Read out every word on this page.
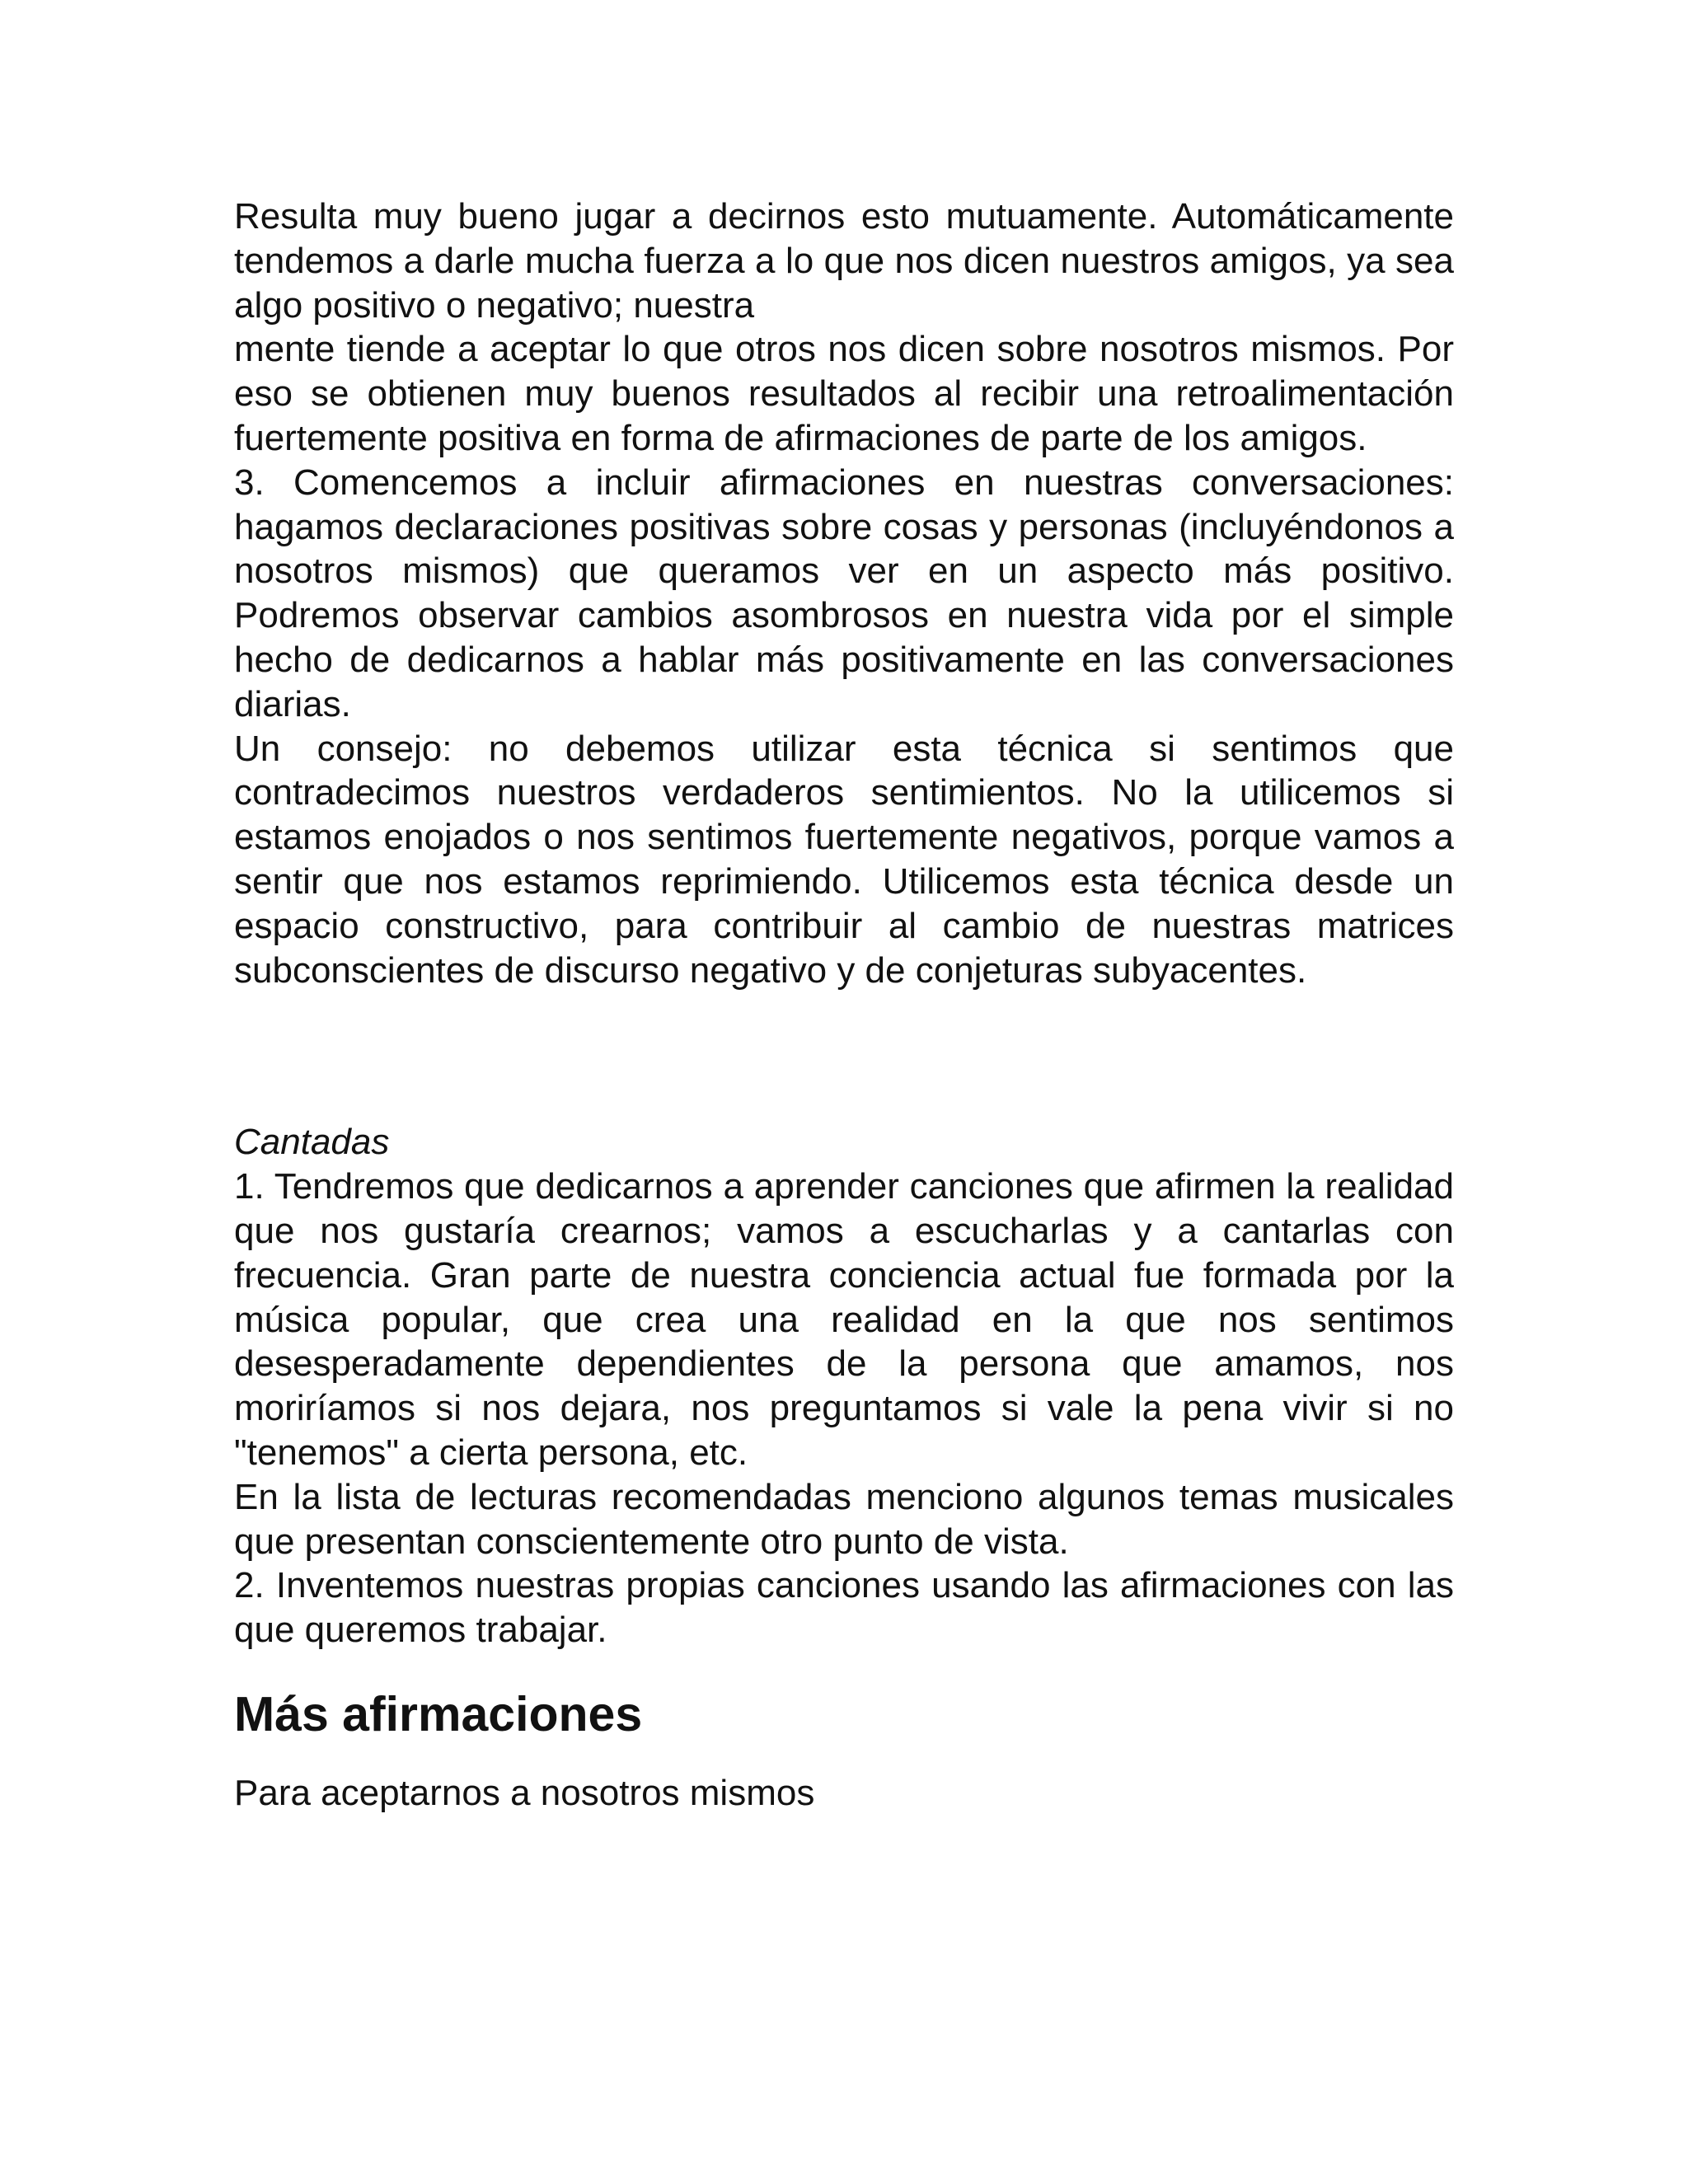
Resulta muy bueno jugar a decirnos esto mutuamente. Automáticamente tendemos a darle mucha fuerza a lo que nos dicen nuestros amigos, ya sea algo positivo o negativo; nuestra

mente tiende a aceptar lo que otros nos dicen sobre nosotros mismos. Por eso se obtienen muy buenos resultados al recibir una retroalimentación fuertemente positiva en forma de afirmaciones de parte de los amigos.

3. Comencemos a incluir afirmaciones en nuestras conversaciones: hagamos declaraciones positivas sobre cosas y personas (incluyéndonos a nosotros mismos) que queramos ver en un aspecto más positivo. Podremos observar cambios asombrosos en nuestra vida por el simple hecho de dedicarnos a hablar más positivamente en las conversaciones diarias.

Un consejo: no debemos utilizar esta técnica si sentimos que contradecimos nuestros verdaderos sentimientos. No la utilicemos si estamos enojados o nos sentimos fuertemente negativos, porque vamos a sentir que nos estamos reprimiendo. Utilicemos esta técnica desde un espacio constructivo, para contribuir al cambio de nuestras matrices subconscientes de discurso negativo y de conjeturas subyacentes.

Cantadas

1. Tendremos que dedicarnos a aprender canciones que afirmen la realidad que nos gustaría crearnos; vamos a escucharlas y a cantarlas con frecuencia. Gran parte de nuestra conciencia actual fue formada por la música popular, que crea una realidad en la que nos sentimos desesperadamente dependientes de la persona que amamos, nos moriríamos si nos dejara, nos preguntamos si vale la pena vivir si no "tenemos" a cierta persona, etc.

En la lista de lecturas recomendadas menciono algunos temas musicales que presentan conscientemente otro punto de vista.

2. Inventemos nuestras propias canciones usando las afirmaciones con las que queremos trabajar.

Más afirmaciones

Para aceptarnos a nosotros mismos
